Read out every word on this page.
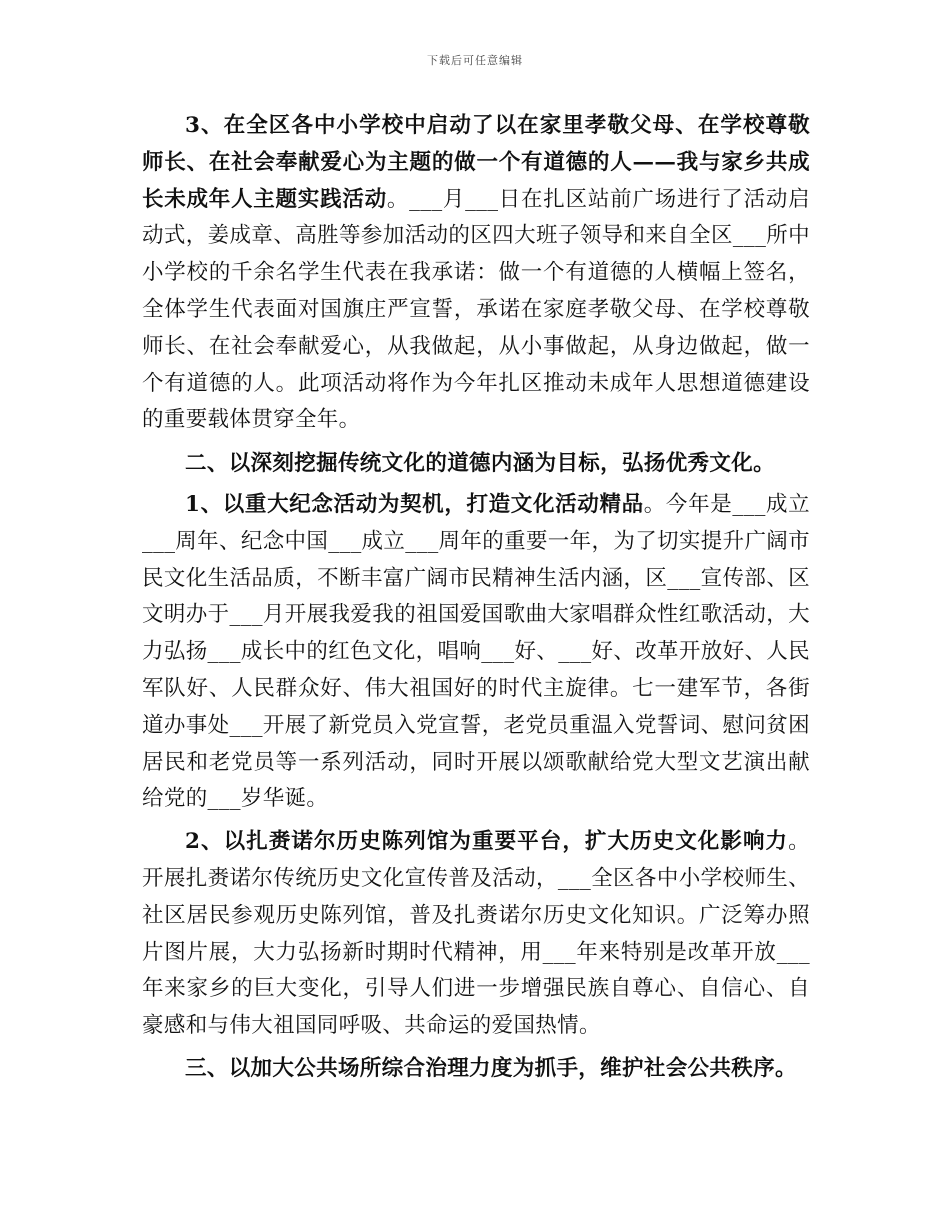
下载后可任意编辑

3、在全区各中小学校中启动了以在家里孝敬父母、在学校尊敬师长、在社会奉献爱心为主题的做一个有道德的人——我与家乡共成长未成年人主题实践活动。___月___日在扎区站前广场进行了活动启动式，姜成章、高胜等参加活动的区四大班子领导和来自全区___所中小学校的千余名学生代表在我承诺：做一个有道德的人横幅上签名，全体学生代表面对国旗庄严宣誓，承诺在家庭孝敬父母、在学校尊敬师长、在社会奉献爱心，从我做起，从小事做起，从身边做起，做一个有道德的人。此项活动将作为今年扎区推动未成年人思想道德建设的重要载体贯穿全年。

二、以深刻挖掘传统文化的道德内涵为目标，弘扬优秀文化。

1、以重大纪念活动为契机，打造文化活动精品。今年是___成立___周年、纪念中国___成立___周年的重要一年，为了切实提升广阔市民文化生活品质，不断丰富广阔市民精神生活内涵，区___宣传部、区文明办于___月开展我爱我的祖国爱国歌曲大家唱群众性红歌活动，大力弘扬___成长中的红色文化，唱响___好、___好、改革开放好、人民军队好、人民群众好、伟大祖国好的时代主旋律。七一建军节，各街道办事处___开展了新党员入党宣誓，老党员重温入党誓词、慰问贫困居民和老党员等一系列活动，同时开展以颂歌献给党大型文艺演出献给党的___岁华诞。

2、以扎赉诺尔历史陈列馆为重要平台，扩大历史文化影响力。开展扎赉诺尔传统历史文化宣传普及活动，___全区各中小学校师生、社区居民参观历史陈列馆，普及扎赉诺尔历史文化知识。广泛筹办照片图片展，大力弘扬新时期时代精神，用___年来特别是改革开放___年来家乡的巨大变化，引导人们进一步增强民族自尊心、自信心、自豪感和与伟大祖国同呼吸、共命运的爱国热情。

三、以加大公共场所综合治理力度为抓手，维护社会公共秩序。
